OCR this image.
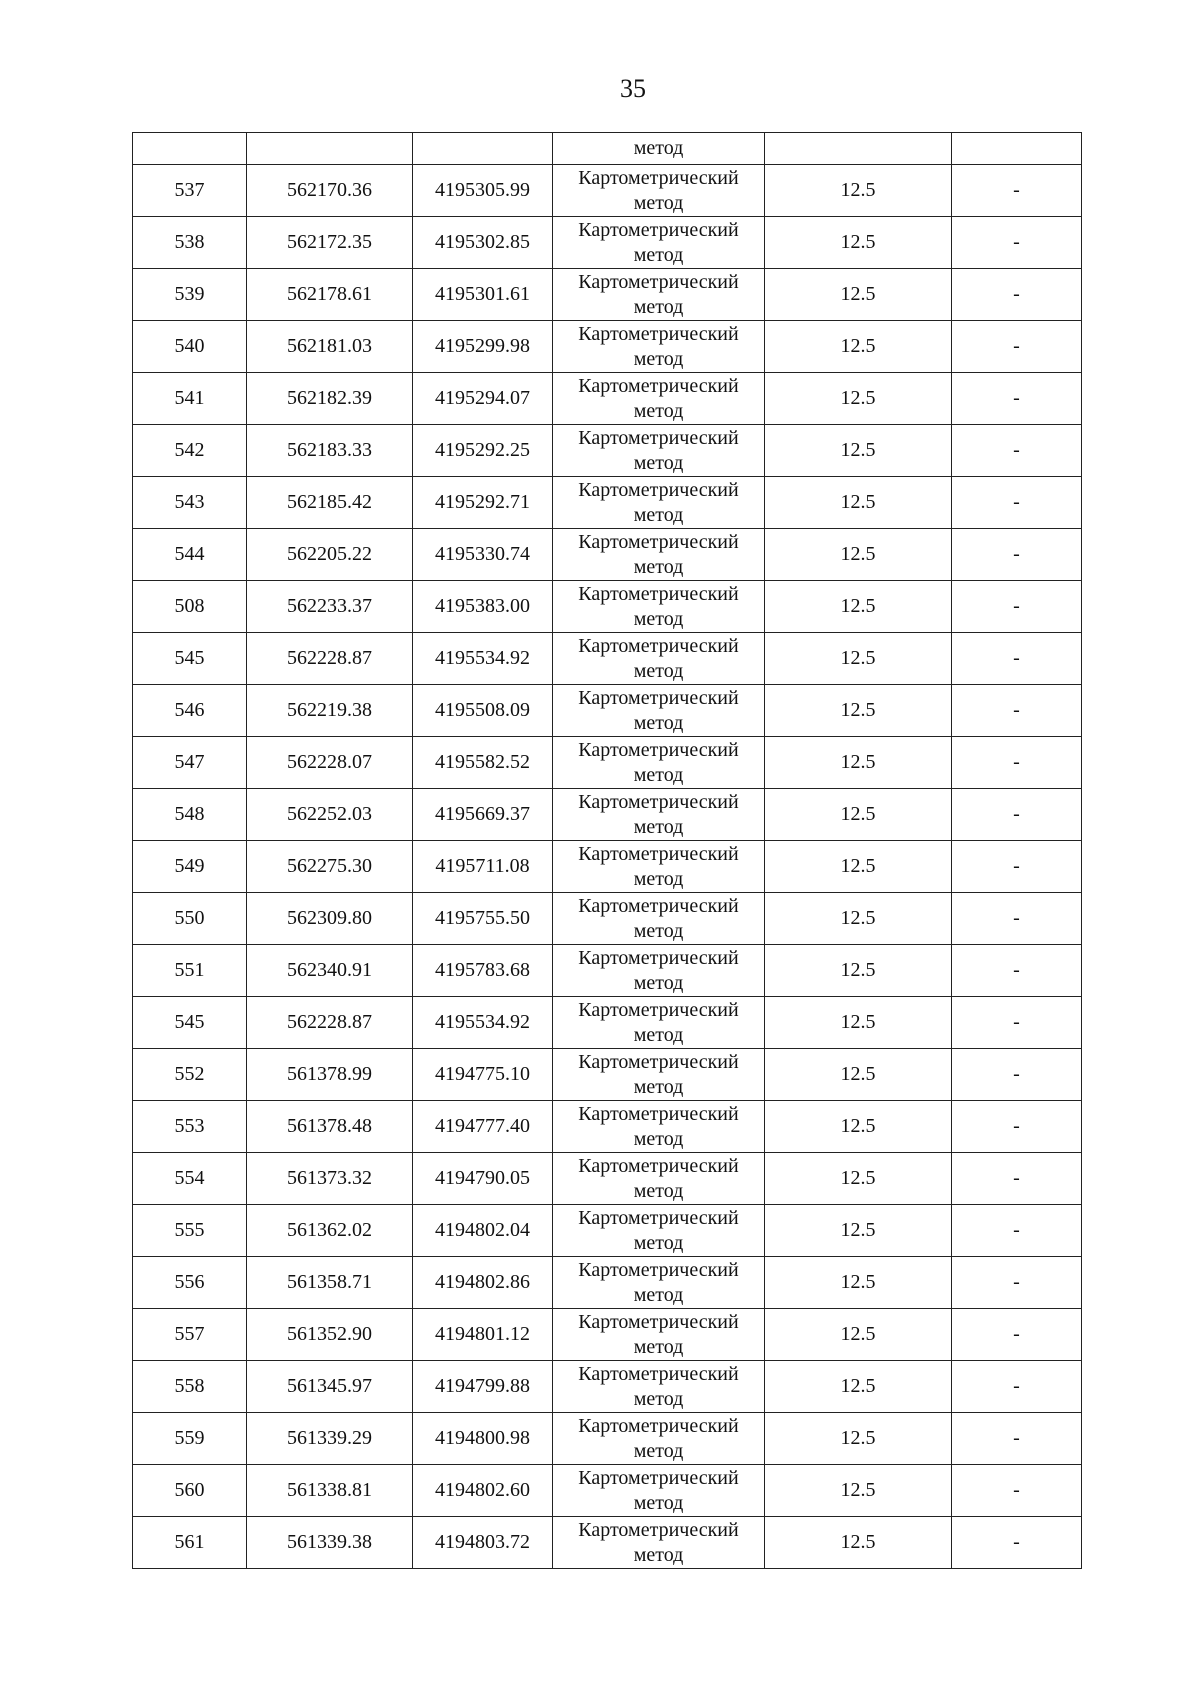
35
			метод		
537	562170.36	4195305.99	Картометрический
метод	12.5	-
538	562172.35	4195302.85	Картометрический
метод	12.5	-
539	562178.61	4195301.61	Картометрический
метод	12.5	-
540	562181.03	4195299.98	Картометрический
метод	12.5	-
541	562182.39	4195294.07	Картометрический
метод	12.5	-
542	562183.33	4195292.25	Картометрический
метод	12.5	-
543	562185.42	4195292.71	Картометрический
метод	12.5	-
544	562205.22	4195330.74	Картометрический
метод	12.5	-
508	562233.37	4195383.00	Картометрический
метод	12.5	-
545	562228.87	4195534.92	Картометрический
метод	12.5	-
546	562219.38	4195508.09	Картометрический
метод	12.5	-
547	562228.07	4195582.52	Картометрический
метод	12.5	-
548	562252.03	4195669.37	Картометрический
метод	12.5	-
549	562275.30	4195711.08	Картометрический
метод	12.5	-
550	562309.80	4195755.50	Картометрический
метод	12.5	-
551	562340.91	4195783.68	Картометрический
метод	12.5	-
545	562228.87	4195534.92	Картометрический
метод	12.5	-
552	561378.99	4194775.10	Картометрический
метод	12.5	-
553	561378.48	4194777.40	Картометрический
метод	12.5	-
554	561373.32	4194790.05	Картометрический
метод	12.5	-
555	561362.02	4194802.04	Картометрический
метод	12.5	-
556	561358.71	4194802.86	Картометрический
метод	12.5	-
557	561352.90	4194801.12	Картометрический
метод	12.5	-
558	561345.97	4194799.88	Картометрический
метод	12.5	-
559	561339.29	4194800.98	Картометрический
метод	12.5	-
560	561338.81	4194802.60	Картометрический
метод	12.5	-
561	561339.38	4194803.72	Картометрический
метод	12.5	-
